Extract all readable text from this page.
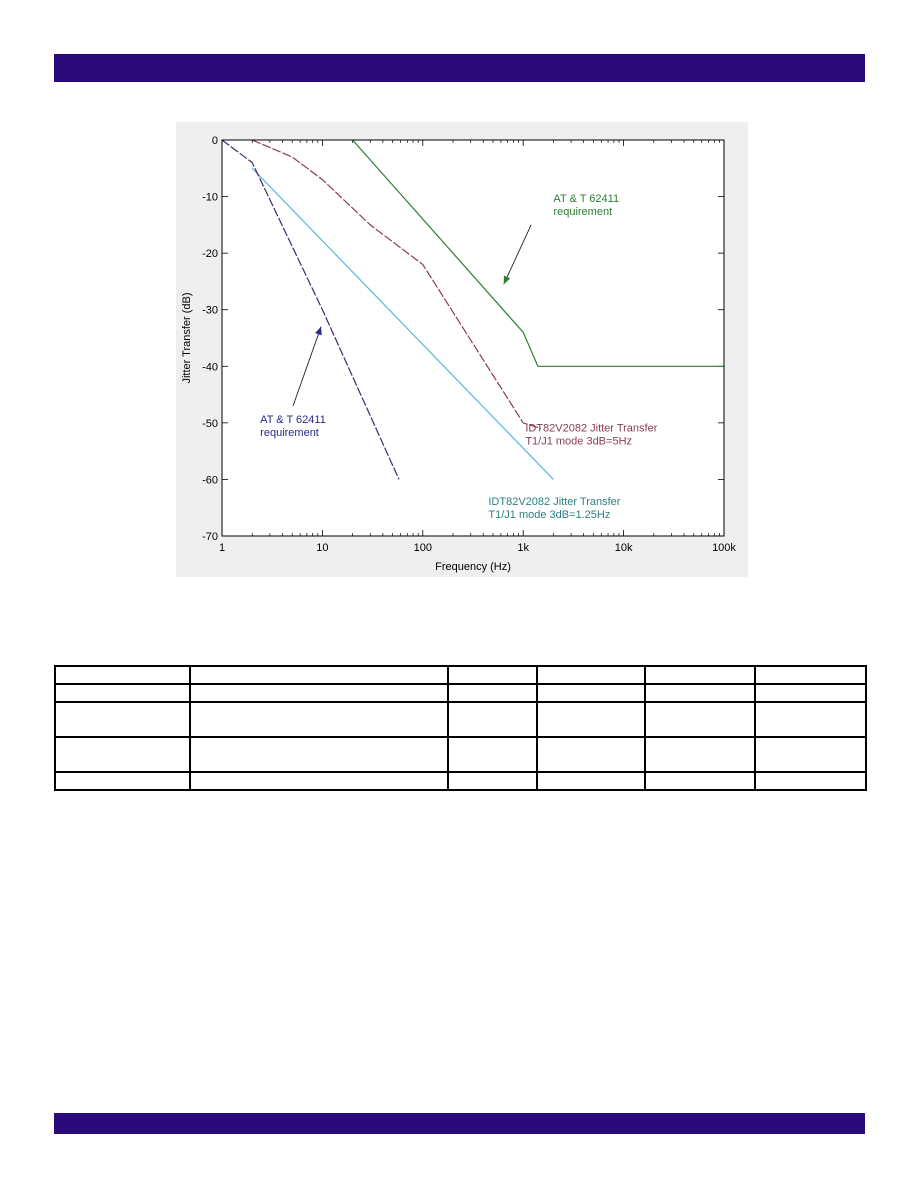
1	10	100	1k	10k	100k
0
-10
-20
-30
-40
-50
-60
-70
AT & T 62411
requirement
AT & T 62411
requirement	IDT82V2082 Jitter Transfer
T1/J1 mode 3dB=5Hz
IDT82V2082 Jitter Transfer
T1/J1 mode 3dB=1.25Hz
Frequency (Hz)
Jitter Transfer (dB)
